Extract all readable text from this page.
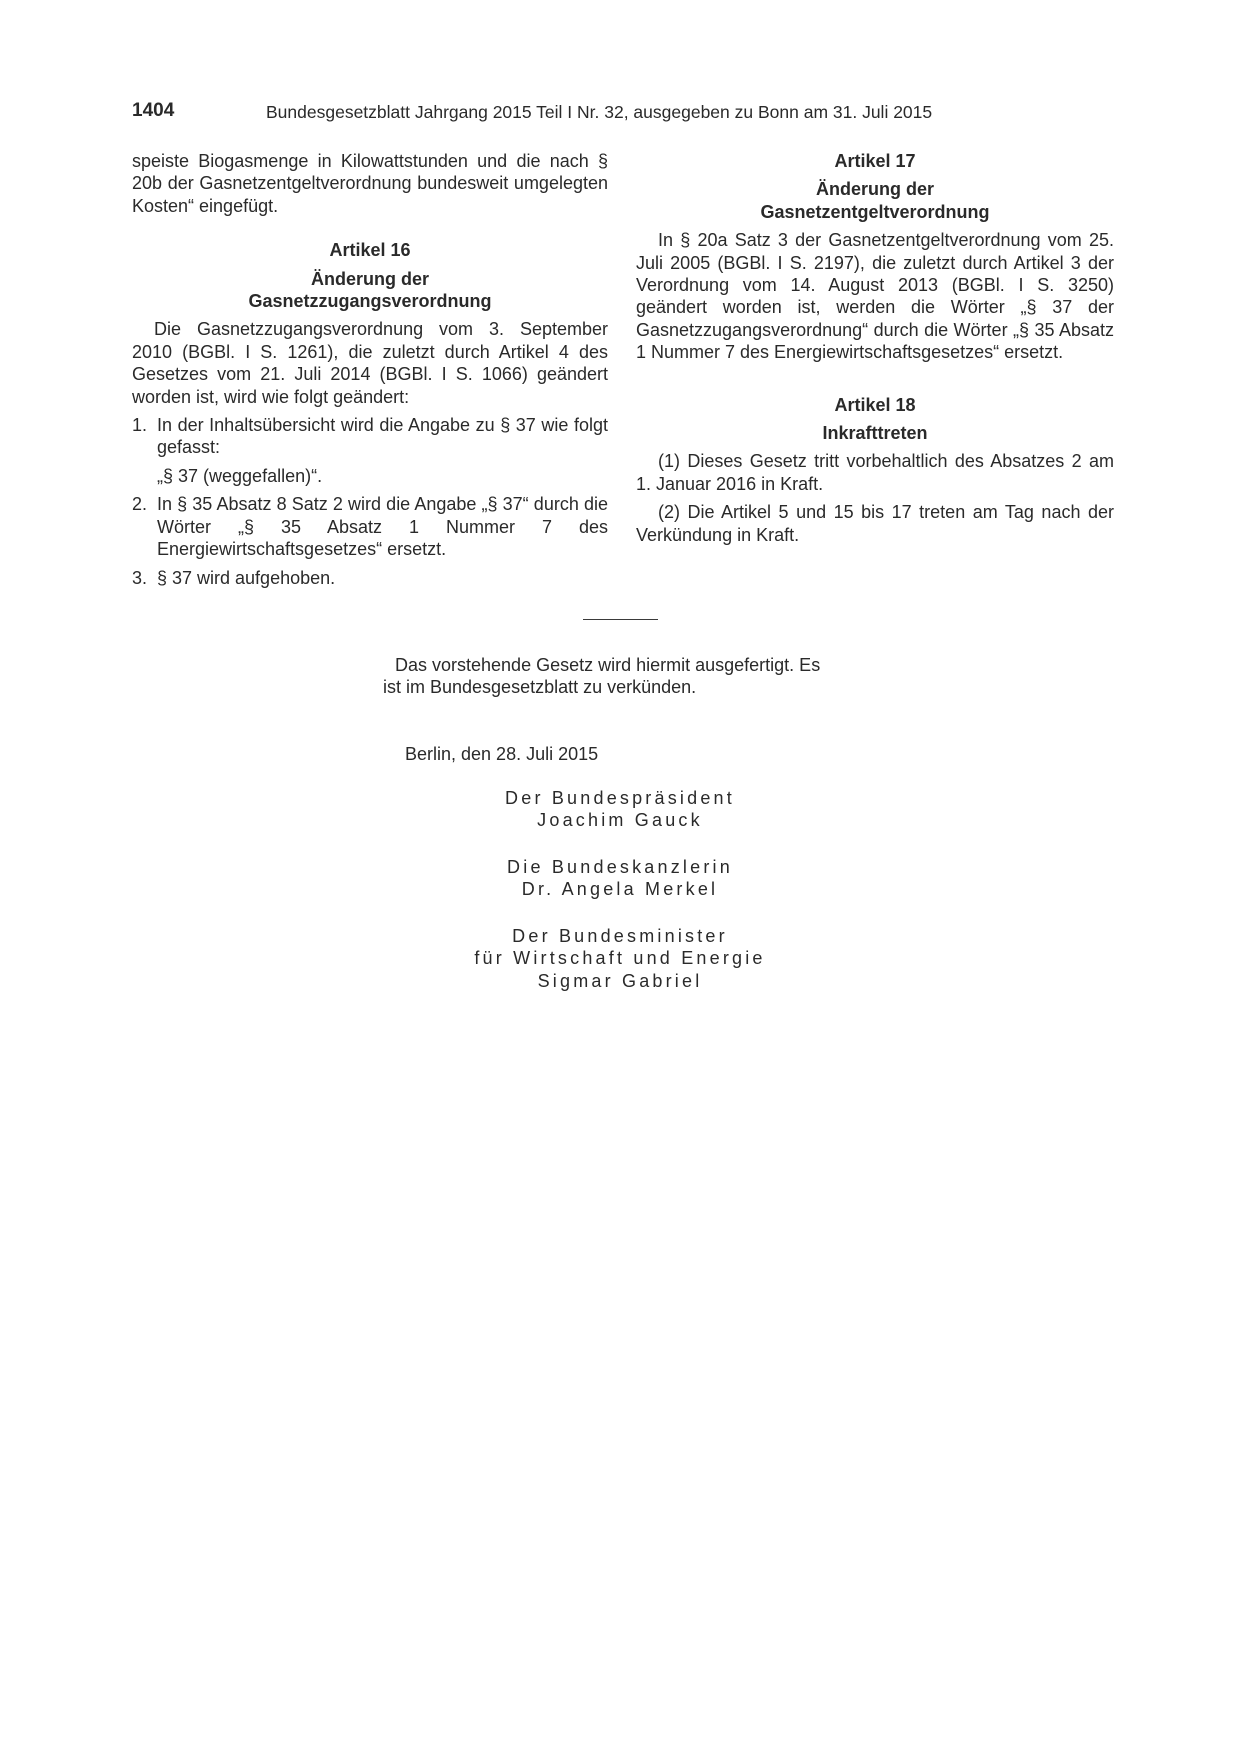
1404	Bundesgesetzblatt Jahrgang 2015 Teil I Nr. 32, ausgegeben zu Bonn am 31. Juli 2015

speiste Biogasmenge in Kilowattstunden und die nach § 20b der Gasnetzentgeltverordnung bundesweit umgelegten Kosten“ eingefügt.

Artikel 16

Änderung der

Gasnetzzugangsverordnung

Die Gasnetzzugangsverordnung vom 3. September 2010 (BGBl. I S. 1261), die zuletzt durch Artikel 4 des Gesetzes vom 21. Juli 2014 (BGBl. I S. 1066) geändert worden ist, wird wie folgt geändert:

1. In der Inhaltsübersicht wird die Angabe zu § 37 wie folgt gefasst:
„§ 37 (weggefallen)“.
2. In § 35 Absatz 8 Satz 2 wird die Angabe „§ 37“ durch die Wörter „§ 35 Absatz 1 Nummer 7 des Energiewirtschaftsgesetzes“ ersetzt.
3. § 37 wird aufgehoben.

Artikel 17

Änderung der

Gasnetzentgeltverordnung

In § 20a Satz 3 der Gasnetzentgeltverordnung vom 25. Juli 2005 (BGBl. I S. 2197), die zuletzt durch Artikel 3 der Verordnung vom 14. August 2013 (BGBl. I S. 3250) geändert worden ist, werden die Wörter „§ 37 der Gasnetzzugangsverordnung“ durch die Wörter „§ 35 Absatz 1 Nummer 7 des Energiewirtschaftsgesetzes“ ersetzt.

Artikel 18

Inkrafttreten

(1) Dieses Gesetz tritt vorbehaltlich des Absatzes 2 am 1. Januar 2016 in Kraft.

(2) Die Artikel 5 und 15 bis 17 treten am Tag nach der Verkündung in Kraft.

Das vorstehende Gesetz wird hiermit ausgefertigt. Es

ist im Bundesgesetzblatt zu verkünden.

Berlin, den 28. Juli 2015
Der Bundespräsident
Joachim Gauck
Die Bundeskanzlerin
Dr. Angela Merkel
Der Bundesminister
für Wirtschaft und Energie
Sigmar Gabriel
